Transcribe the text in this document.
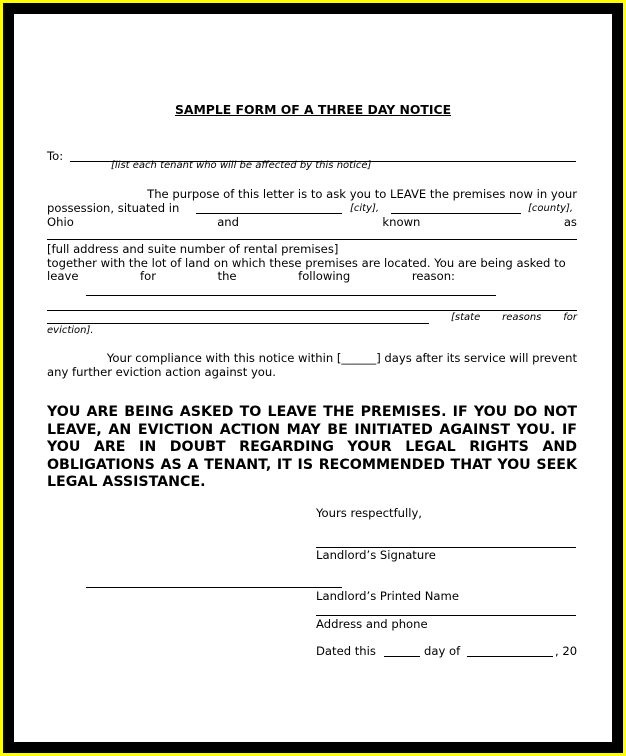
SAMPLE FORM OF A THREE DAY NOTICE
To:
[list each tenant who will be affected by this notice]
The purpose of this letter is to ask you to LEAVE the premises now in your
possession, situated in	[city],	[county],
Ohio	and	known	as
[full address and suite number of rental premises]
together with the lot of land on which these premises are located. You are being asked to
leave	for	the	following	reason:
[state reasons for
eviction].
Your compliance with this notice within [______] days after its service will prevent
any further eviction action against you.
YOU ARE BEING ASKED TO LEAVE THE PREMISES. IF YOU DO NOT LEAVE, AN EVICTION ACTION MAY BE INITIATED AGAINST YOU. IF YOU ARE IN DOUBT REGARDING YOUR LEGAL RIGHTS AND OBLIGATIONS AS A TENANT, IT IS RECOMMENDED THAT YOU SEEK LEGAL ASSISTANCE.
Yours respectfully,
Landlord’s Signature
Landlord’s Printed Name
Address and phone
Dated this	day of	, 20
